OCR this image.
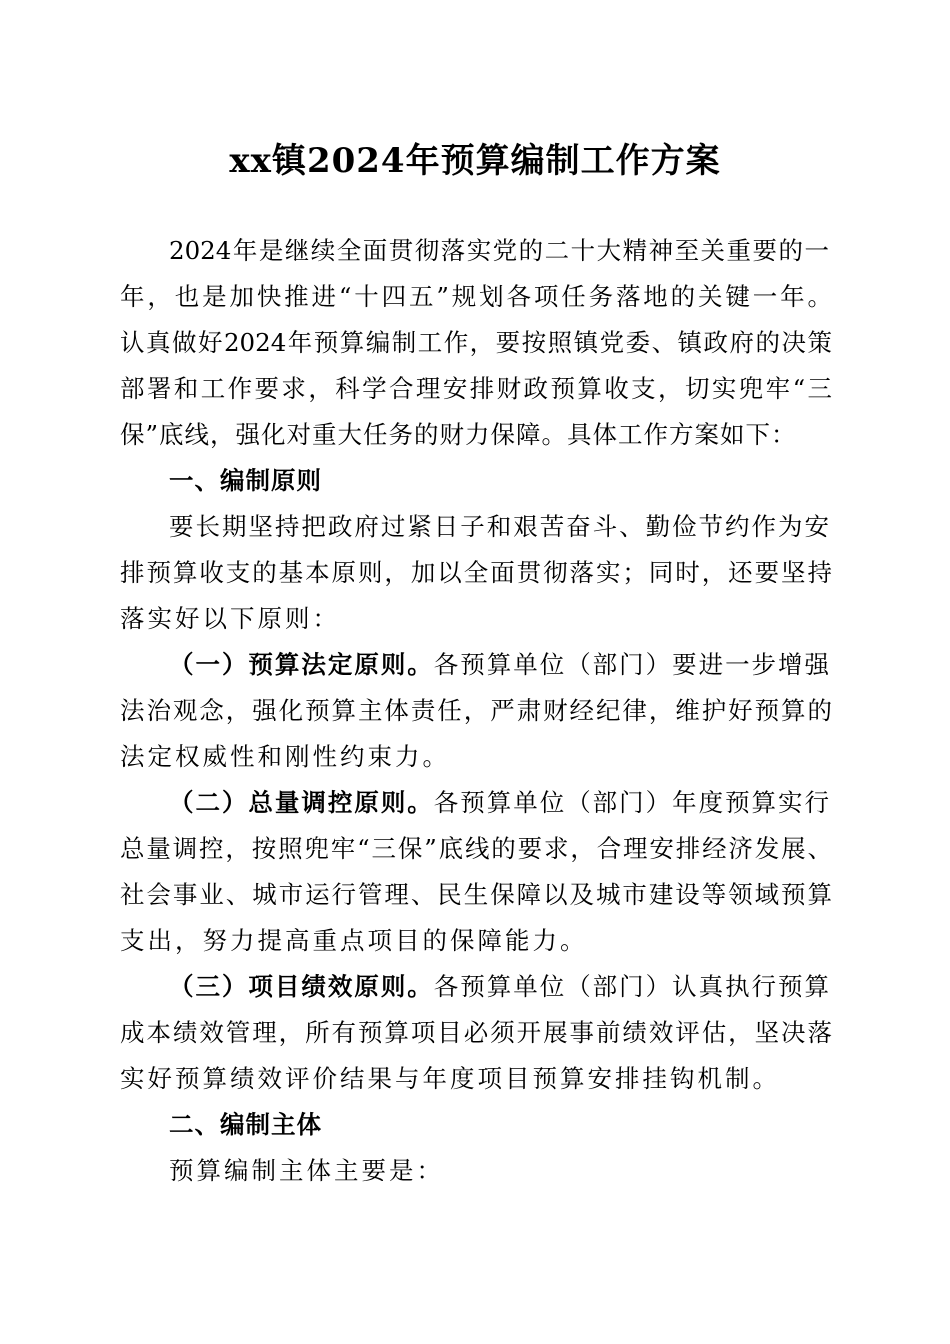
xx镇2024年预算编制工作方案
2024年是继续全面贯彻落实党的二十大精神至关重要的一
年，也是加快推进“十四五”规划各项任务落地的关键一年。
认真做好2024年预算编制工作，要按照镇党委、镇政府的决策
部署和工作要求，科学合理安排财政预算收支，切实兜牢“三
保”底线，强化对重大任务的财力保障。具体工作方案如下：
一、编制原则
要长期坚持把政府过紧日子和艰苦奋斗、勤俭节约作为安
排预算收支的基本原则，加以全面贯彻落实；同时，还要坚持
落实好以下原则：
（一）预算法定原则。各预算单位（部门）要进一步增强
法治观念，强化预算主体责任，严肃财经纪律，维护好预算的
法定权威性和刚性约束力。
（二）总量调控原则。各预算单位（部门）年度预算实行
总量调控，按照兜牢“三保”底线的要求，合理安排经济发展、
社会事业、城市运行管理、民生保障以及城市建设等领域预算
支出，努力提高重点项目的保障能力。
（三）项目绩效原则。各预算单位（部门）认真执行预算
成本绩效管理，所有预算项目必须开展事前绩效评估，坚决落
实好预算绩效评价结果与年度项目预算安排挂钩机制。
二、编制主体
预算编制主体主要是：
